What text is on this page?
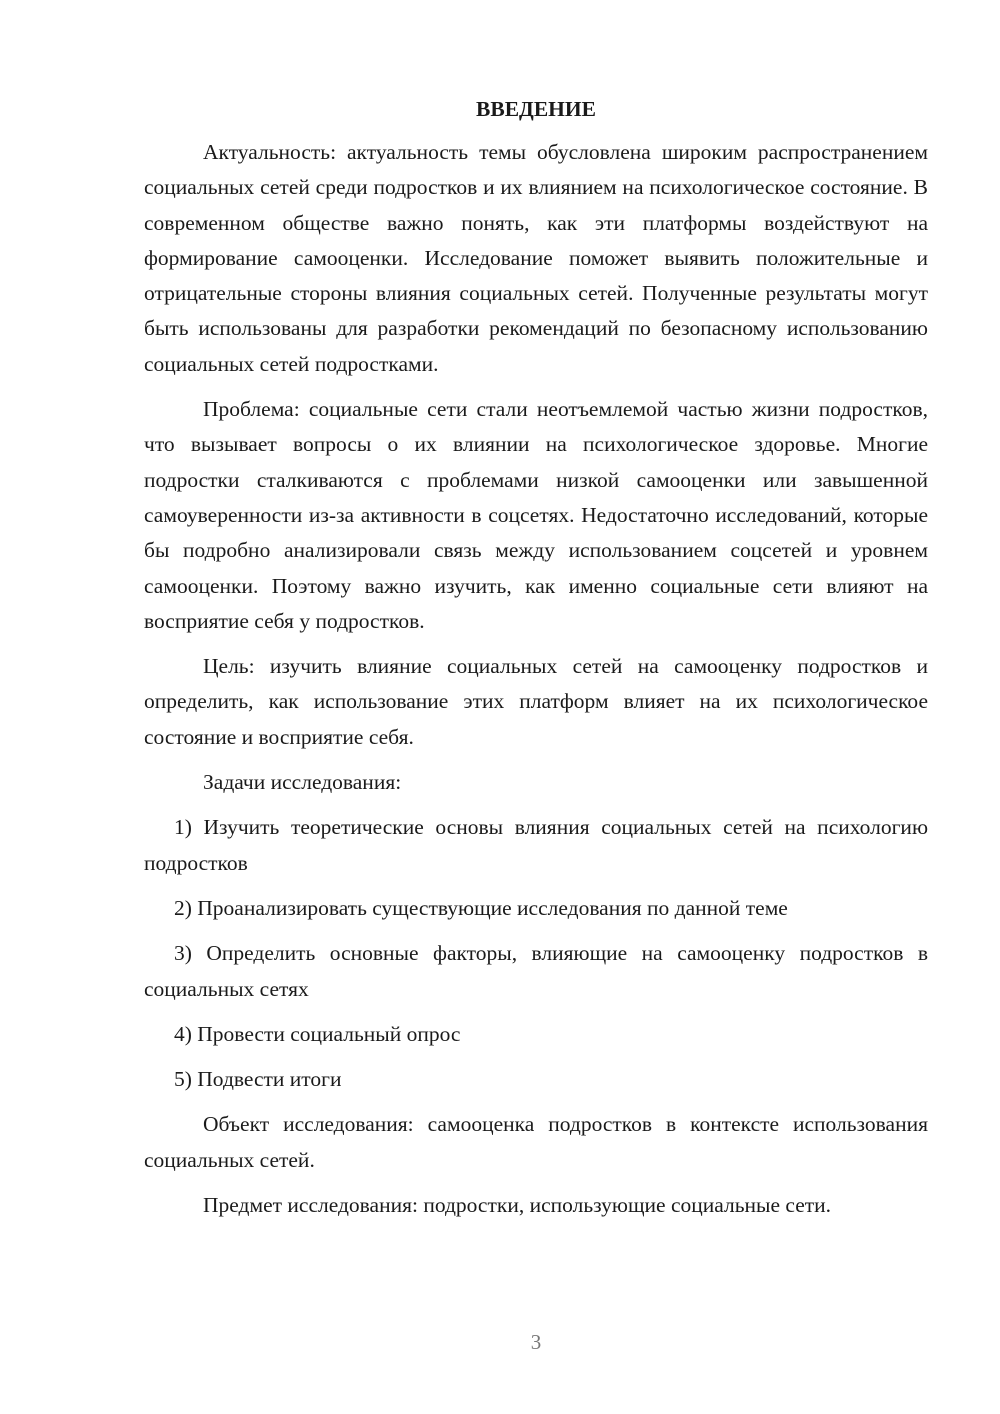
ВВЕДЕНИЕ

Актуальность: актуальность темы обусловлена широким распространением социальных сетей среди подростков и их влиянием на психологическое состояние. В современном обществе важно понять, как эти платформы воздействуют на формирование самооценки. Исследование поможет выявить положительные и отрицательные стороны влияния социальных сетей. Полученные результаты могут быть использованы для разработки рекомендаций по безопасному использованию социальных сетей подростками.

Проблема: социальные сети стали неотъемлемой частью жизни подростков, что вызывает вопросы о их влиянии на психологическое здоровье. Многие подростки сталкиваются с проблемами низкой самооценки или завышенной самоуверенности из-за активности в соцсетях. Недостаточно исследований, которые бы подробно анализировали связь между использованием соцсетей и уровнем самооценки. Поэтому важно изучить, как именно социальные сети влияют на восприятие себя у подростков.

Цель: изучить влияние социальных сетей на самооценку подростков и определить, как использование этих платформ влияет на их психологическое состояние и восприятие себя.

Задачи исследования:

1) Изучить теоретические основы влияния социальных сетей на психологию подростков

2) Проанализировать существующие исследования по данной теме

3) Определить основные факторы, влияющие на самооценку подростков в социальных сетях

4) Провести социальный опрос

5) Подвести итоги

Объект исследования: самооценка подростков в контексте использования социальных сетей.

Предмет исследования: подростки, использующие социальные сети.

3
